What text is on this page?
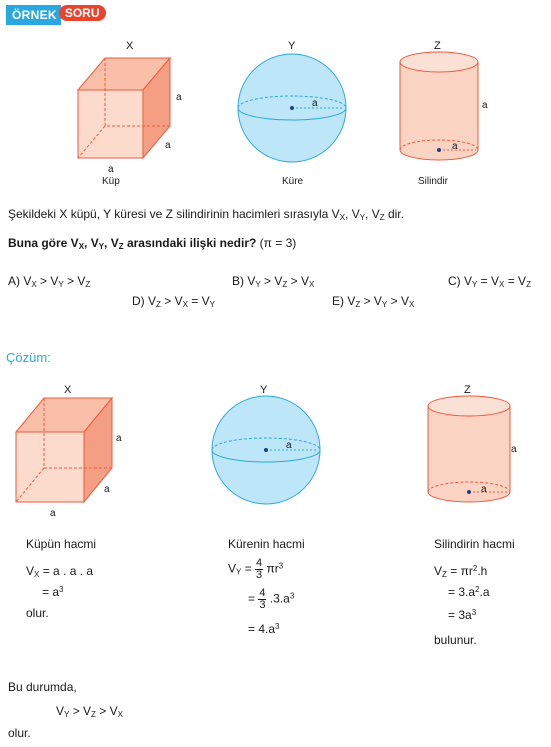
ÖRNEK SORU
X
a
a
a
Küp
Y
a
Küre
Z
a
a
Silindir
Şekildeki X küpü, Y küresi ve Z silindirinin hacimleri sırasıyla $V_X$, $V_Y$, $V_Z$ dir.
Buna göre $V_X$, $V_Y$, $V_Z$ arasındaki ilişki nedir? (π = 3)
A) $V_X > V_Y > V_Z$	B) $V_Y > V_Z > V_X$	C) $V_Y = V_X = V_Z$
D) $V_Z > V_X = V_Y$	E) $V_Z > V_Y > V_X$
Çözüm:
X
a
a
a
Y
a
Z
a
a
Küpün hacmi
$V_X = a$ . a . a
= $a^3$
olur.
Kürenin hacmi
$V_Y = \frac{4}{3} \pi r^3$
= $\frac{4}{3} .3.a^3$
= $4.a^3$
Silindirin hacmi
$V_Z = \pi r^2.h$
= $3.a^2.a$
= $3a^3$
bulunur.
Bu durumda,
$V_Y > V_Z > V_X$
olur.
